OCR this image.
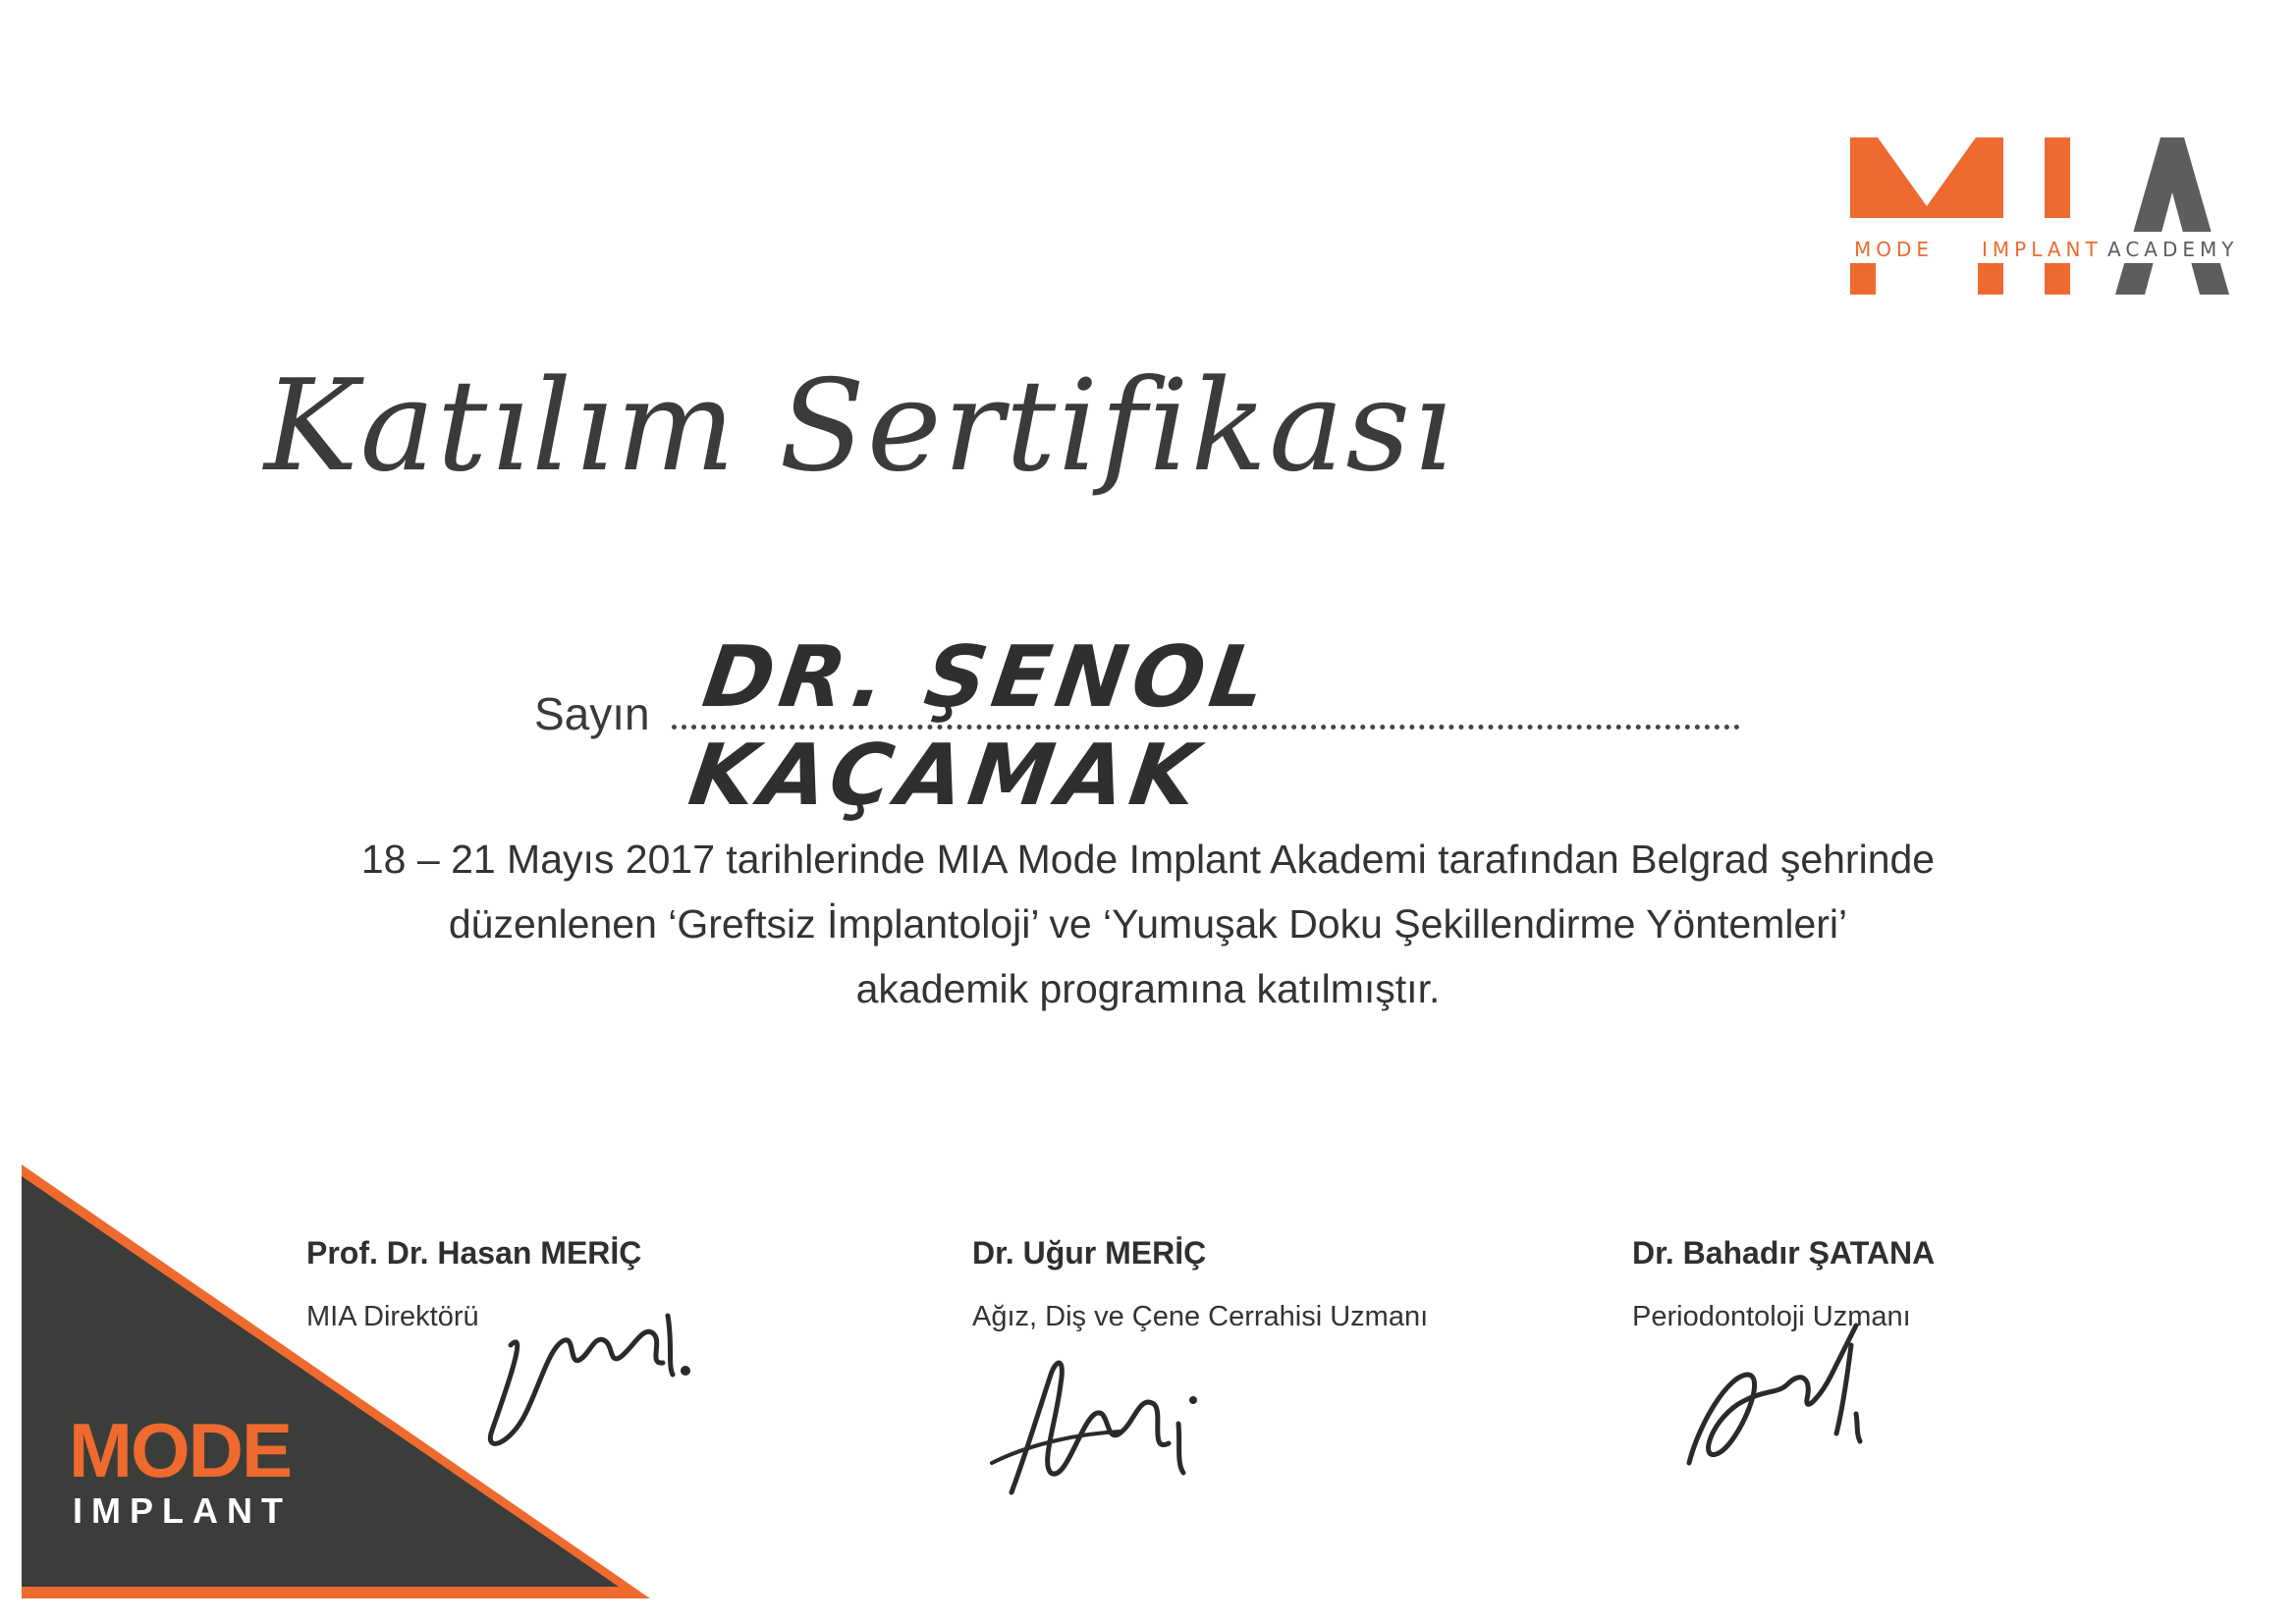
MODE IMPLANT ACADEMY
Katılım Sertifikası
Sayın DR. ŞENOL KAÇAMAK
18 – 21 Mayıs 2017 tarihlerinde MIA Mode Implant Akademi tarafından Belgrad şehrinde
düzenlenen ‘Greftsiz İmplantoloji’ ve ‘Yumuşak Doku Şekillendirme Yöntemleri’
akademik programına katılmıştır.
MODE
IMPLANT
Prof. Dr. Hasan MERİÇ
MIA Direktörü
Dr. Uğur MERİÇ
Ağız, Diş ve Çene Cerrahisi Uzmanı
Dr. Bahadır ŞATANA
Periodontoloji Uzmanı
